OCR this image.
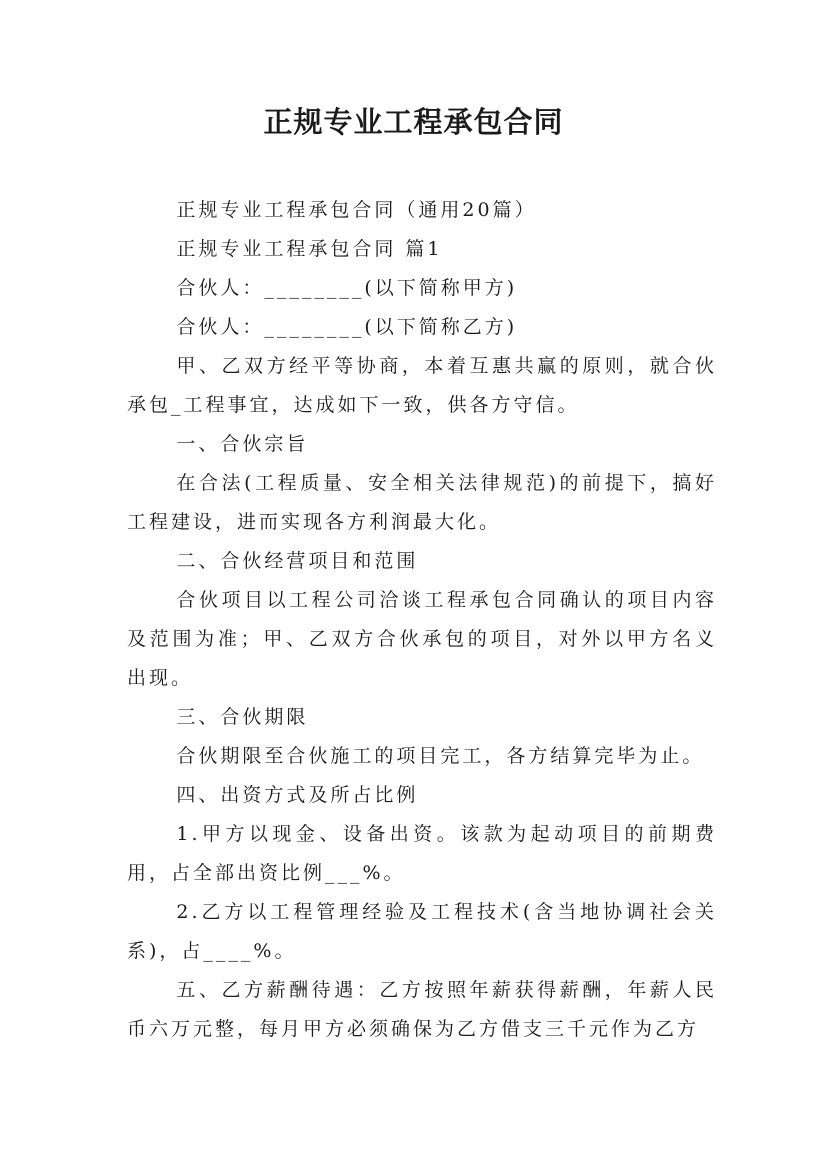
正规专业工程承包合同

正规专业工程承包合同（通用20篇）

正规专业工程承包合同 篇1

合伙人：________(以下简称甲方)

合伙人：________(以下简称乙方)

甲、乙双方经平等协商，本着互惠共赢的原则，就合伙承包_工程事宜，达成如下一致，供各方守信。

一、合伙宗旨

在合法(工程质量、安全相关法律规范)的前提下，搞好工程建设，进而实现各方利润最大化。

二、合伙经营项目和范围

合伙项目以工程公司洽谈工程承包合同确认的项目内容及范围为准；甲、乙双方合伙承包的项目，对外以甲方名义出现。

三、合伙期限

合伙期限至合伙施工的项目完工，各方结算完毕为止。

四、出资方式及所占比例

1.甲方以现金、设备出资。该款为起动项目的前期费用，占全部出资比例___%。

2.乙方以工程管理经验及工程技术(含当地协调社会关系)，占____%。

五、乙方薪酬待遇：乙方按照年薪获得薪酬，年薪人民币六万元整，每月甲方必须确保为乙方借支三千元作为乙方
